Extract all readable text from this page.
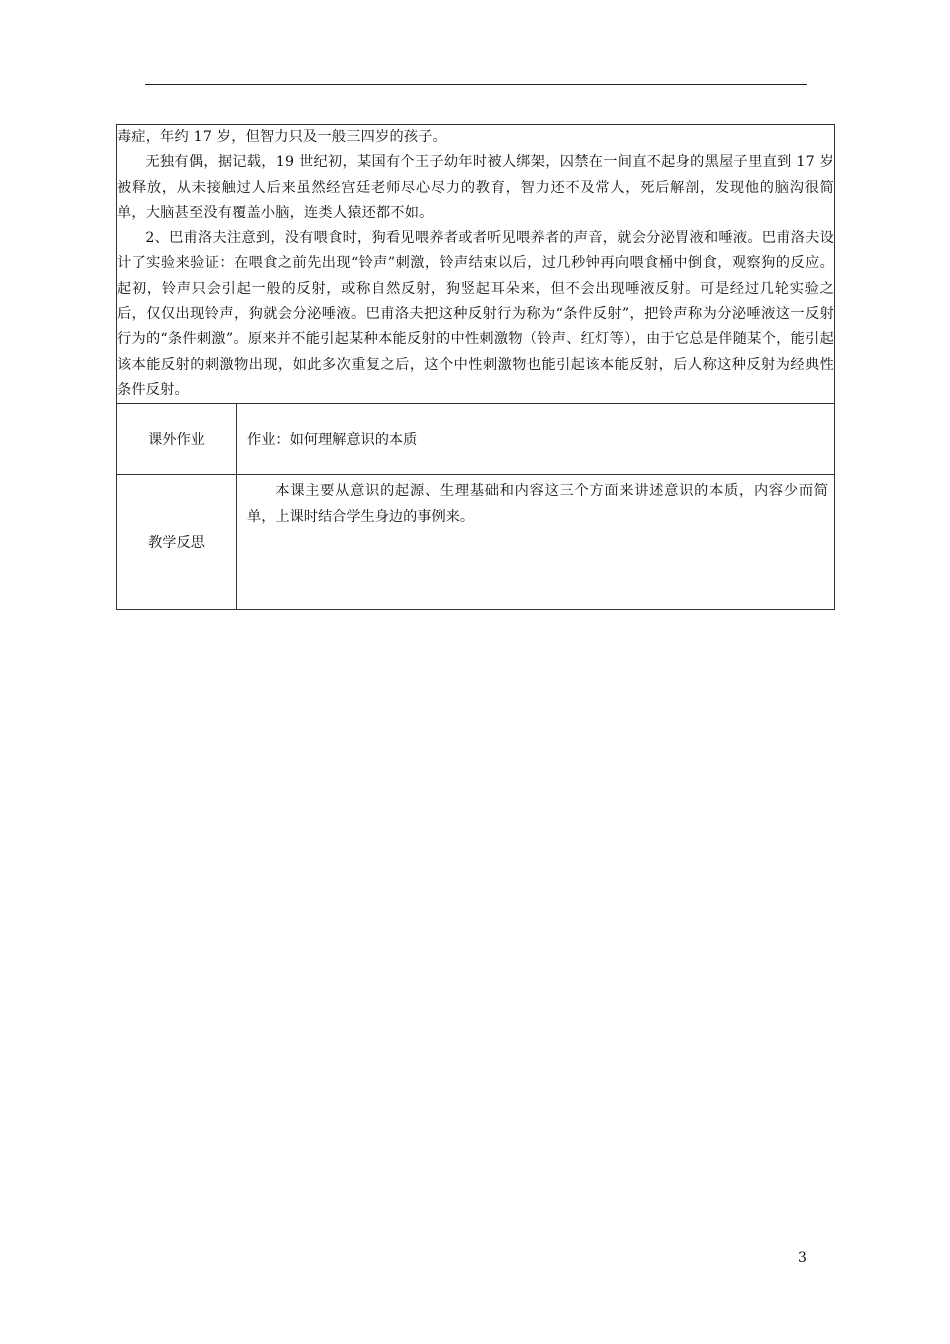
毒症，年约 17 岁，但智力只及一般三四岁的孩子。

无独有偶，据记载，19 世纪初，某国有个王子幼年时被人绑架，囚禁在一间直不起身的黑屋子里直到 17 岁被释放，从未接触过人后来虽然经宫廷老师尽心尽力的教育，智力还不及常人，死后解剖，发现他的脑沟很简单，大脑甚至没有覆盖小脑，连类人猿还都不如。

2、巴甫洛夫注意到，没有喂食时，狗看见喂养者或者听见喂养者的声音，就会分泌胃液和唾液。巴甫洛夫设计了实验来验证：在喂食之前先出现“铃声”刺激，铃声结束以后，过几秒钟再向喂食桶中倒食，观察狗的反应。起初，铃声只会引起一般的反射，或称自然反射，狗竖起耳朵来，但不会出现唾液反射。可是经过几轮实验之后，仅仅出现铃声，狗就会分泌唾液。巴甫洛夫把这种反射行为称为“条件反射”，把铃声称为分泌唾液这一反射行为的“条件刺激”。原来并不能引起某种本能反射的中性刺激物（铃声、红灯等），由于它总是伴随某个，能引起该本能反射的刺激物出现，如此多次重复之后，这个中性刺激物也能引起该本能反射，后人称这种反射为经典性条件反射。	

课外作业	作业：如何理解意识的本质
教学反思	本课主要从意识的起源、生理基础和内容这三个方面来讲述意识的本质，内容少而简单，上课时结合学生身边的事例来。

3
